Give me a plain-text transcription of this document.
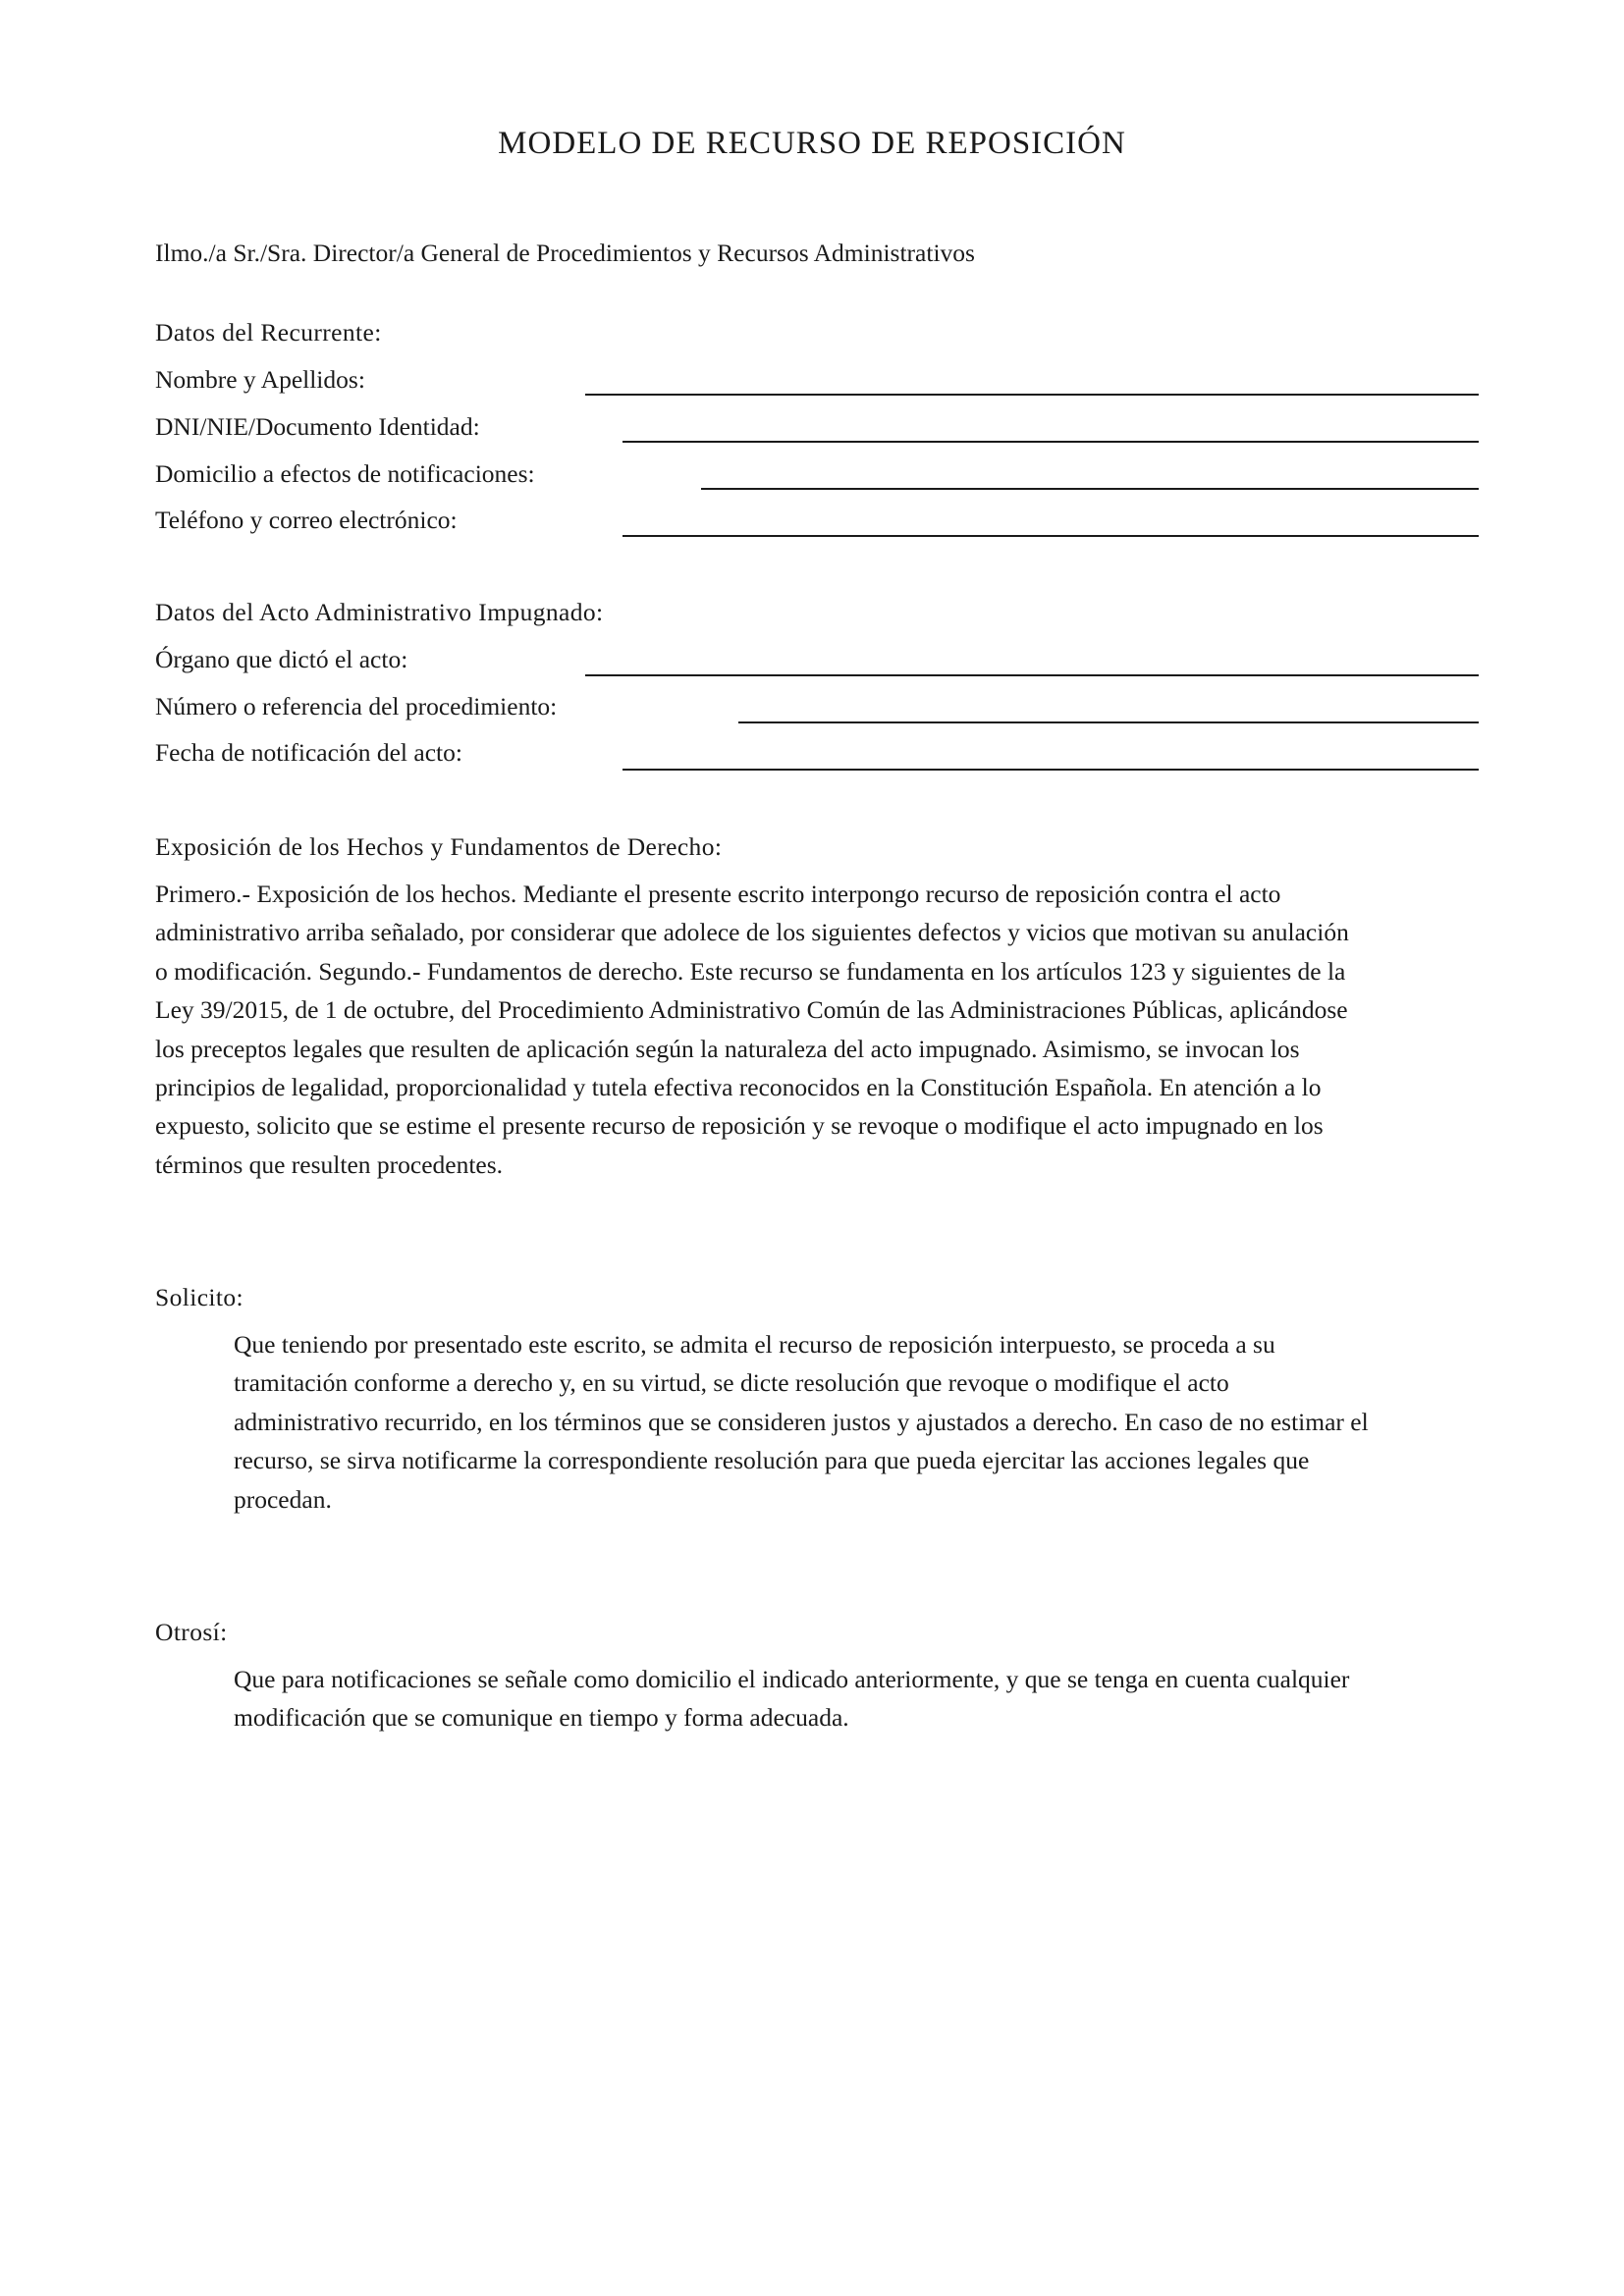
MODELO DE RECURSO DE REPOSICIÓN
Ilmo./a Sr./Sra. Director/a General de Procedimientos y Recursos Administrativos
Datos del Recurrente:
Nombre y Apellidos:
DNI/NIE/Documento Identidad:
Domicilio a efectos de notificaciones:
Teléfono y correo electrónico:
Datos del Acto Administrativo Impugnado:
Órgano que dictó el acto:
Número o referencia del procedimiento:
Fecha de notificación del acto:
Exposición de los Hechos y Fundamentos de Derecho:
Primero.- Exposición de los hechos. Mediante el presente escrito interpongo recurso de reposición contra el acto
administrativo arriba señalado, por considerar que adolece de los siguientes defectos y vicios que motivan su anulación
o modificación. Segundo.- Fundamentos de derecho. Este recurso se fundamenta en los artículos 123 y siguientes de la
Ley 39/2015, de 1 de octubre, del Procedimiento Administrativo Común de las Administraciones Públicas, aplicándose
los preceptos legales que resulten de aplicación según la naturaleza del acto impugnado. Asimismo, se invocan los
principios de legalidad, proporcionalidad y tutela efectiva reconocidos en la Constitución Española. En atención a lo
expuesto, solicito que se estime el presente recurso de reposición y se revoque o modifique el acto impugnado en los
términos que resulten procedentes.
Solicito:
Que teniendo por presentado este escrito, se admita el recurso de reposición interpuesto, se proceda a su
tramitación conforme a derecho y, en su virtud, se dicte resolución que revoque o modifique el acto
administrativo recurrido, en los términos que se consideren justos y ajustados a derecho. En caso de no estimar el
recurso, se sirva notificarme la correspondiente resolución para que pueda ejercitar las acciones legales que
procedan.
Otrosí:
Que para notificaciones se señale como domicilio el indicado anteriormente, y que se tenga en cuenta cualquier
modificación que se comunique en tiempo y forma adecuada.
